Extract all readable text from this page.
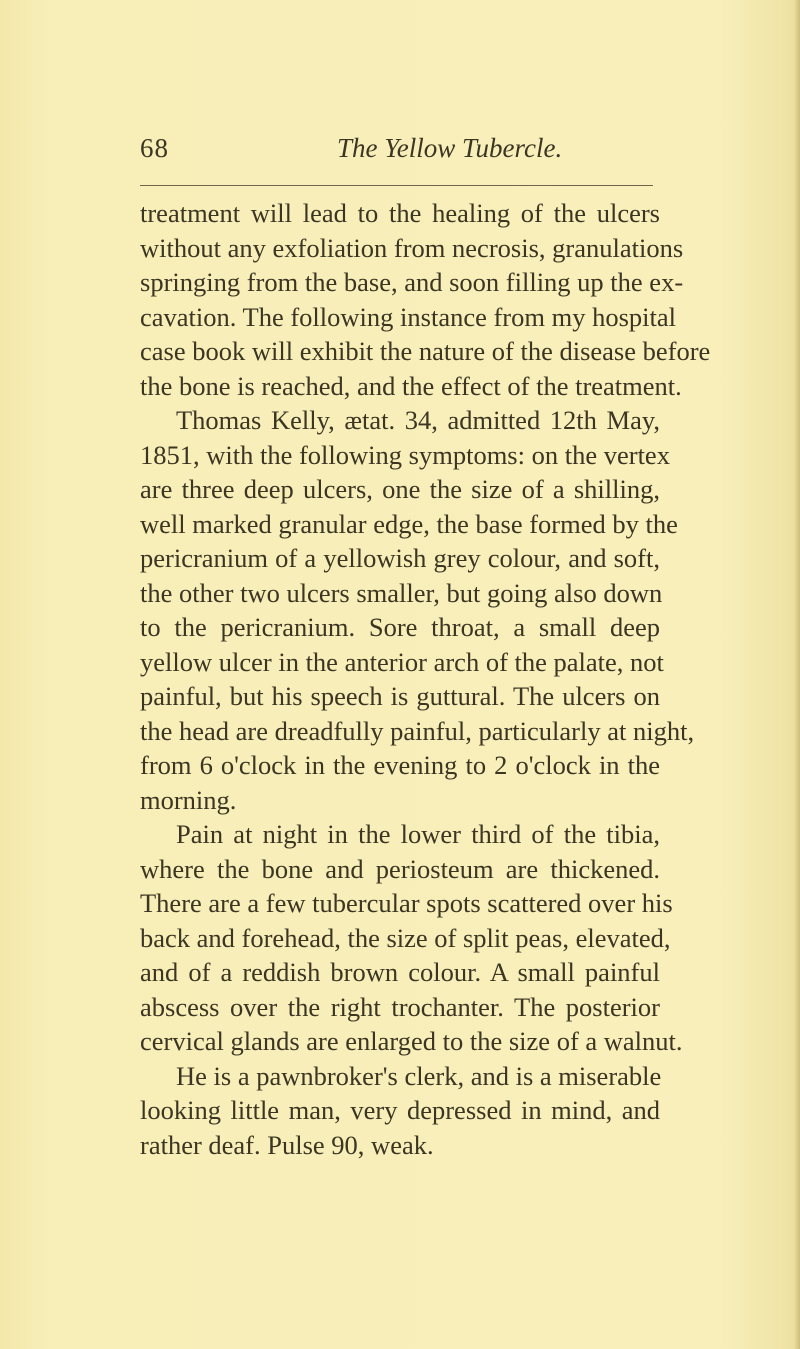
68	The Yellow Tubercle.
treatment will lead to the healing of the ulcers
without any exfoliation from necrosis, granulations
springing from the base, and soon filling up the ex-
cavation. The following instance from my hospital
case book will exhibit the nature of the disease before
the bone is reached, and the effect of the treatment.
Thomas Kelly, ætat. 34, admitted 12th May,
1851, with the following symptoms: on the vertex
are three deep ulcers, one the size of a shilling,
well marked granular edge, the base formed by the
pericranium of a yellowish grey colour, and soft,
the other two ulcers smaller, but going also down
to the pericranium. Sore throat, a small deep
yellow ulcer in the anterior arch of the palate, not
painful, but his speech is guttural. The ulcers on
the head are dreadfully painful, particularly at night,
from 6 o'clock in the evening to 2 o'clock in the
morning.
Pain at night in the lower third of the tibia,
where the bone and periosteum are thickened.
There are a few tubercular spots scattered over his
back and forehead, the size of split peas, elevated,
and of a reddish brown colour. A small painful
abscess over the right trochanter. The posterior
cervical glands are enlarged to the size of a walnut.
He is a pawnbroker's clerk, and is a miserable
looking little man, very depressed in mind, and
rather deaf. Pulse 90, weak.
